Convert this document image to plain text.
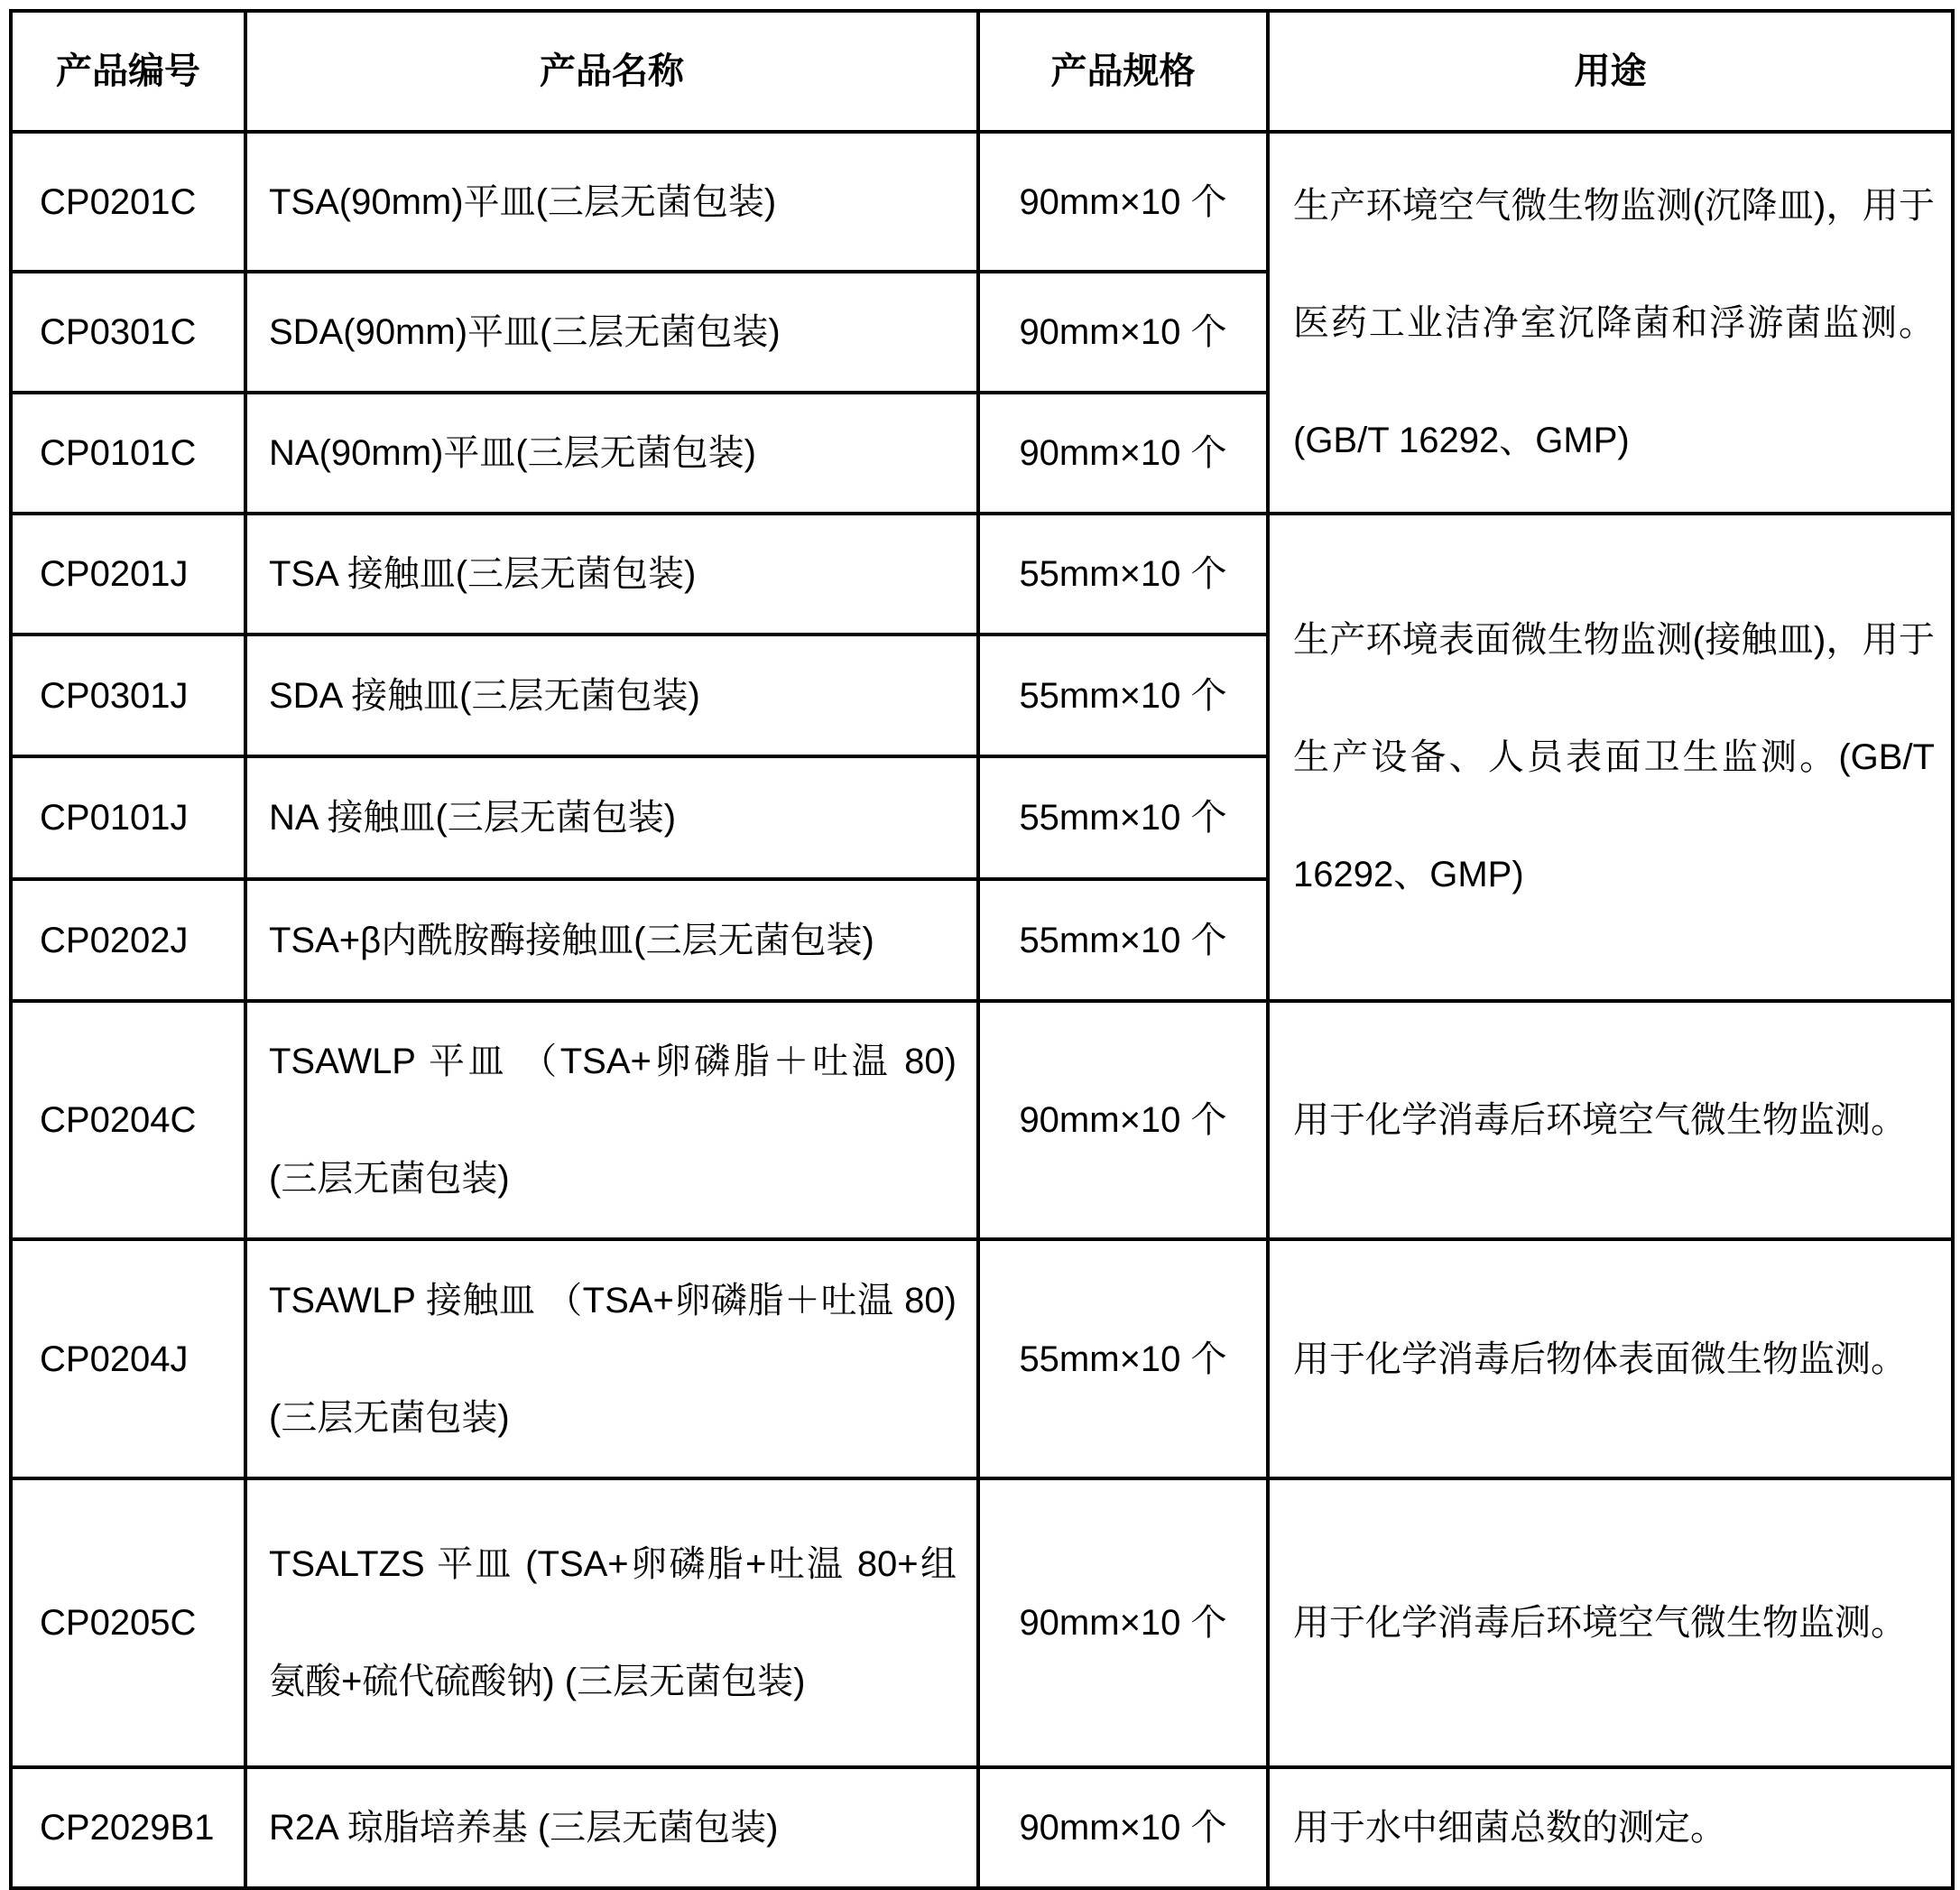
产品编号	产品名称	产品规格	用途
CP0201C	TSA(90mm)平皿(三层无菌包装)	90mm×10 个	生产环境空气微生物监测(沉降皿)，用于医药工业洁净室沉降菌和浮游菌监测。(GB/T 16292、GMP)
CP0301C	SDA(90mm)平皿(三层无菌包装)	90mm×10 个	
CP0101C	NA(90mm)平皿(三层无菌包装)	90mm×10 个	
CP0201J	TSA 接触皿(三层无菌包装)	55mm×10 个	生产环境表面微生物监测(接触皿)，用于生产设备、人员表面卫生监测。(GB/T 16292、GMP)
CP0301J	SDA 接触皿(三层无菌包装)	55mm×10 个	
CP0101J	NA 接触皿(三层无菌包装)	55mm×10 个	
CP0202J	TSA+β内酰胺酶接触皿(三层无菌包装)	55mm×10 个	
CP0204C	TSAWLP 平皿 （TSA+卵磷脂＋吐温 80)(三层无菌包装)	90mm×10 个	用于化学消毒后环境空气微生物监测。
CP0204J	TSAWLP 接触皿 （TSA+卵磷脂＋吐温 80) (三层无菌包装)	55mm×10 个	用于化学消毒后物体表面微生物监测。
CP0205C	TSALTZS 平皿 (TSA+卵磷脂+吐温 80+组氨酸+硫代硫酸钠) (三层无菌包装)	90mm×10 个	用于化学消毒后环境空气微生物监测。
CP2029B1	R2A 琼脂培养基 (三层无菌包装)	90mm×10 个	用于水中细菌总数的测定。
